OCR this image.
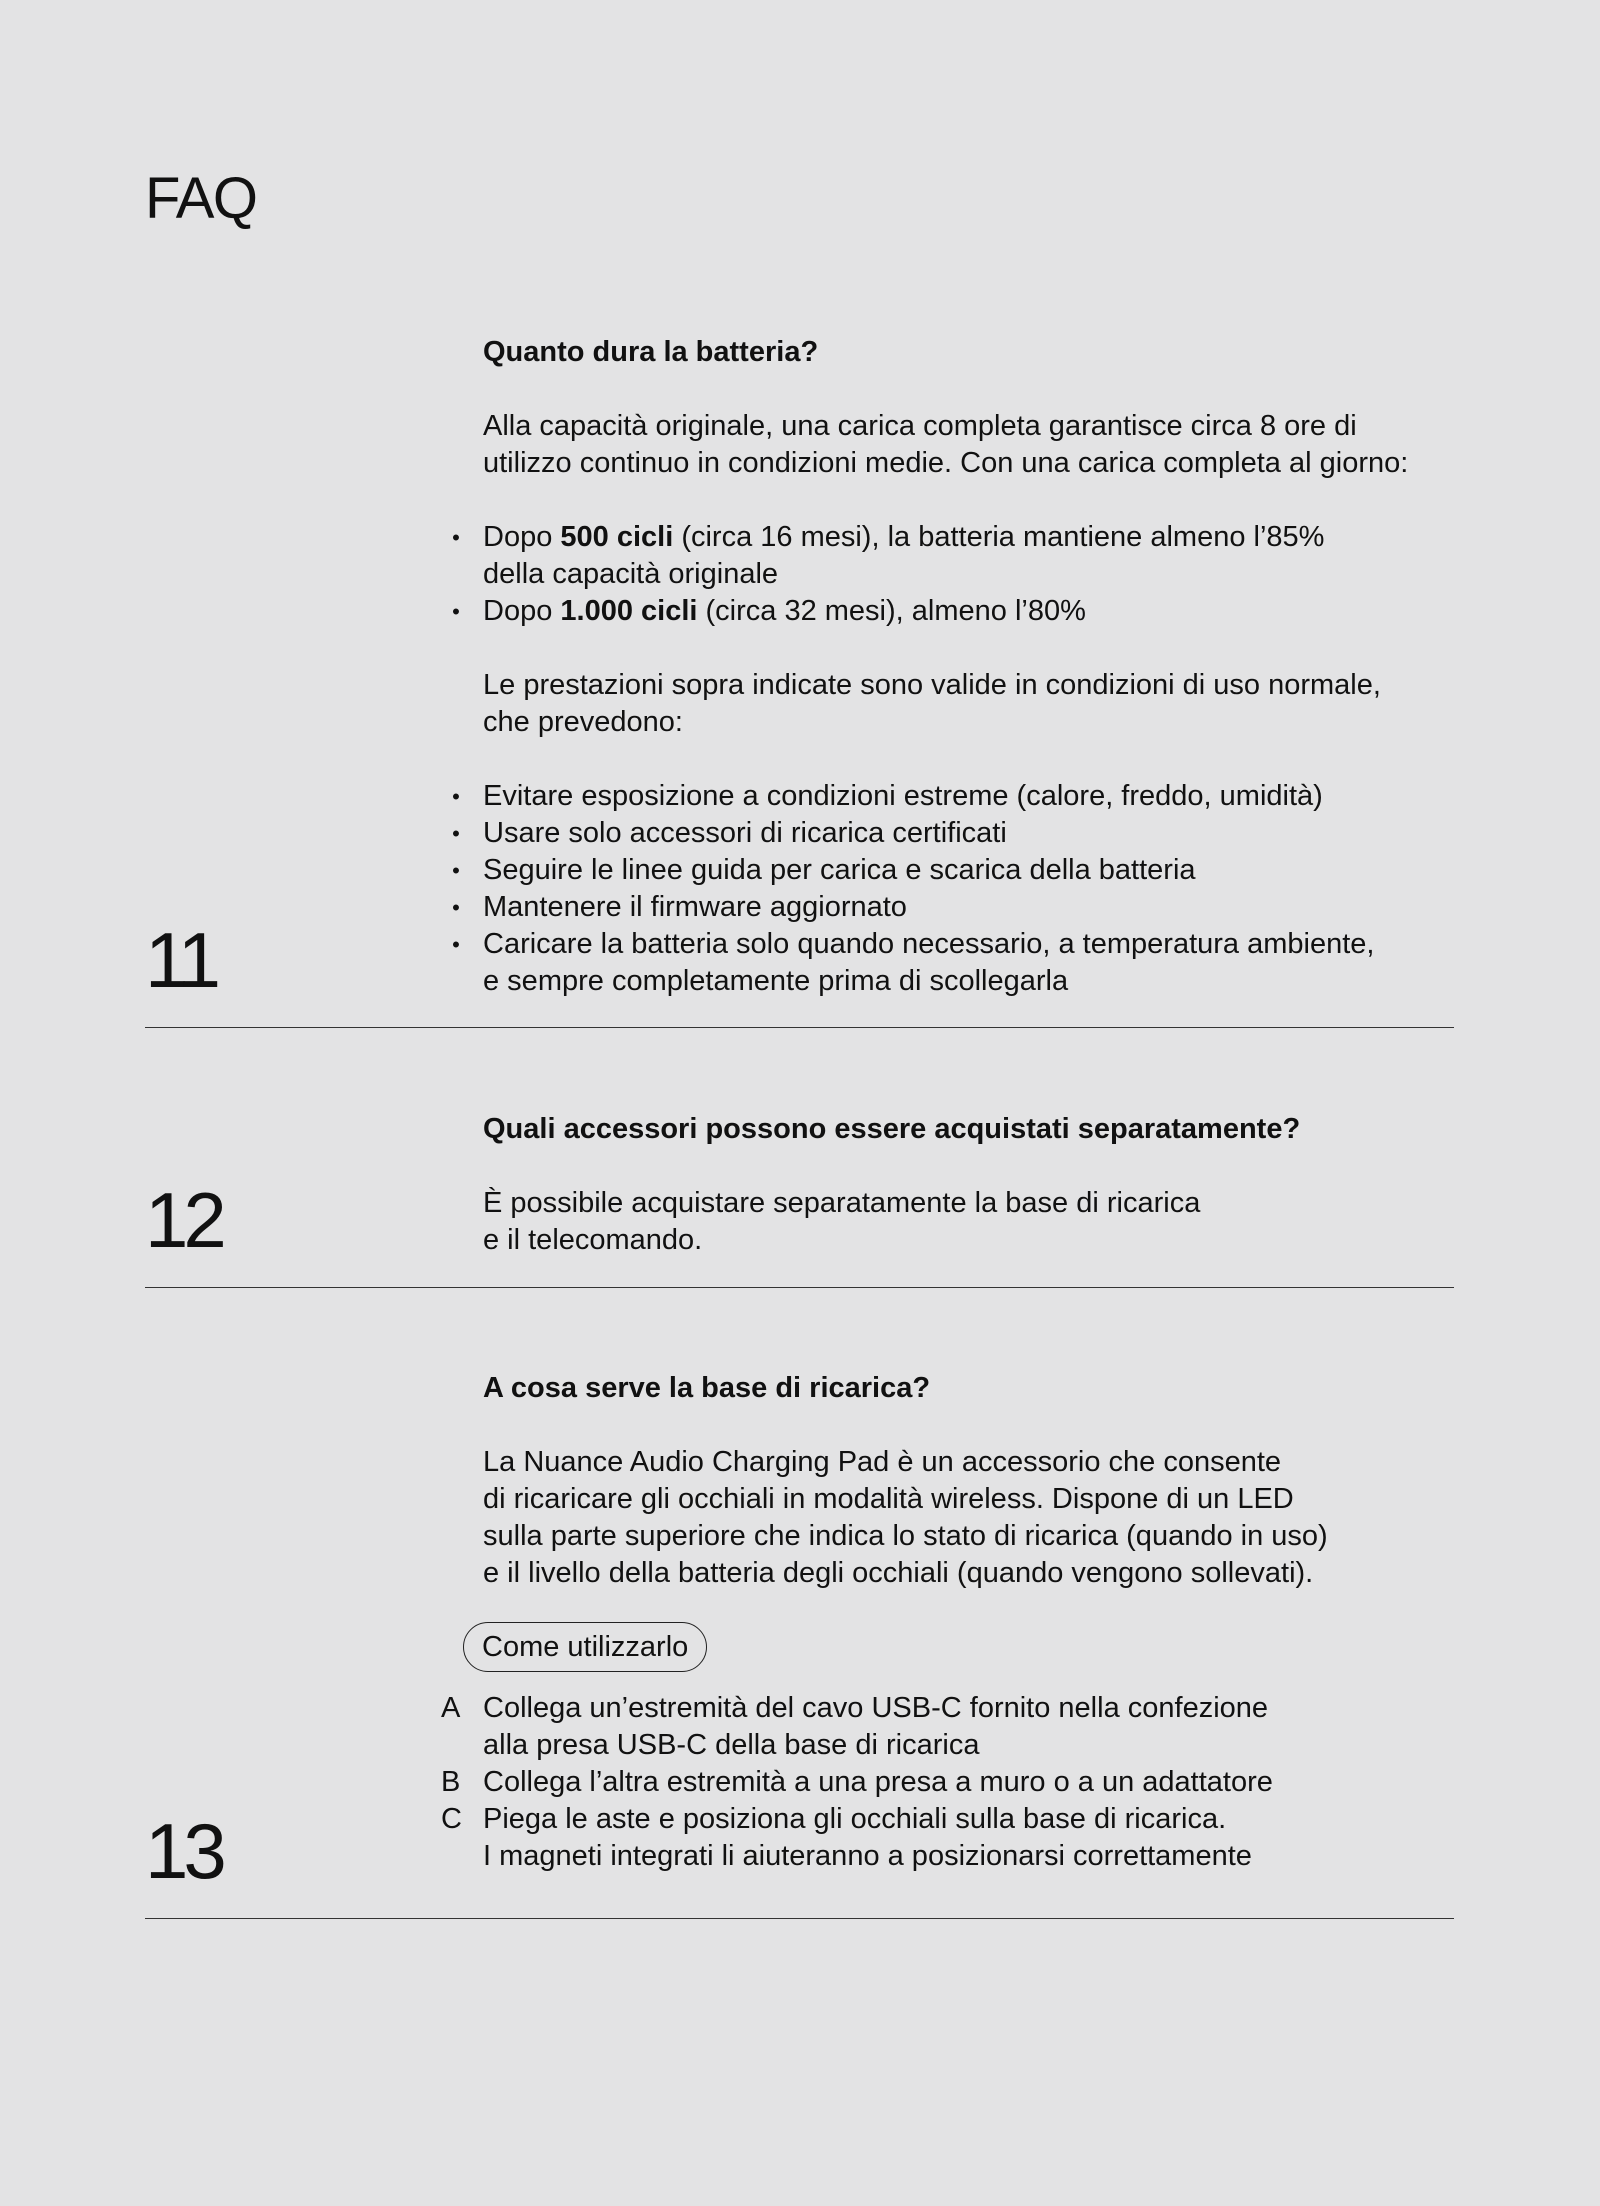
FAQ
11

Quanto dura la batteria?

Alla capacità originale, una carica completa garantisce circa 8 ore di
utilizzo continuo in condizioni medie. Con una carica completa al giorno:

• Dopo 500 cicli (circa 16 mesi), la batteria mantiene almeno l’85%
della capacità originale
• Dopo 1.000 cicli (circa 32 mesi), almeno l’80%

Le prestazioni sopra indicate sono valide in condizioni di uso normale,
che prevedono:

• Evitare esposizione a condizioni estreme (calore, freddo, umidità)
• Usare solo accessori di ricarica certificati
• Seguire le linee guida per carica e scarica della batteria
• Mantenere il firmware aggiornato
• Caricare la batteria solo quando necessario, a temperatura ambiente,
e sempre completamente prima di scollegarla
12

Quali accessori possono essere acquistati separatamente?

È possibile acquistare separatamente la base di ricarica
e il telecomando.

13

A cosa serve la base di ricarica?

La Nuance Audio Charging Pad è un accessorio che consente
di ricaricare gli occhiali in modalità wireless. Dispone di un LED
sulla parte superiore che indica lo stato di ricarica (quando in uso)
e il livello della batteria degli occhiali (quando vengono sollevati).

Come utilizzarlo
A Collega un’estremità del cavo USB-C fornito nella confezione
alla presa USB-C della base di ricarica
B Collega l’altra estremità a una presa a muro o a un adattatore
C Piega le aste e posiziona gli occhiali sulla base di ricarica.
I magneti integrati li aiuteranno a posizionarsi correttamente
